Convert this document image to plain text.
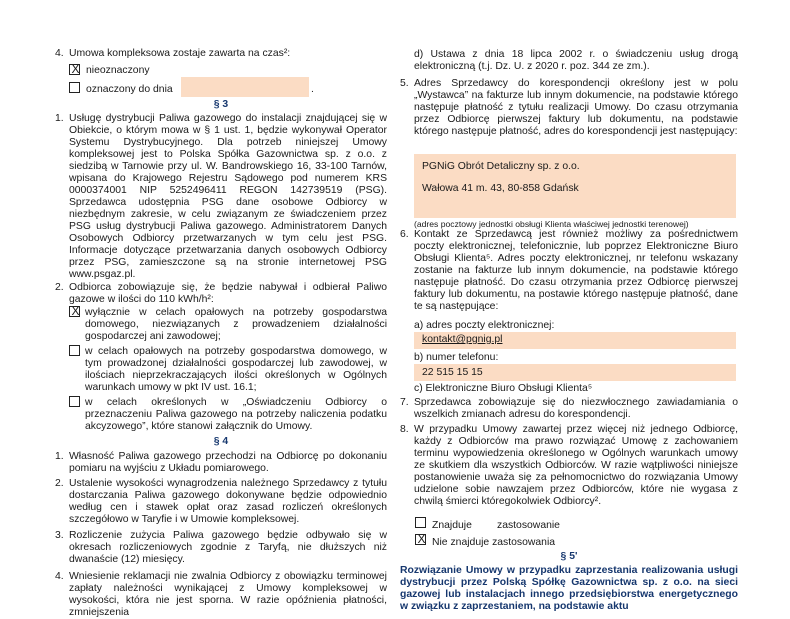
4. Umowa kompleksowa zostaje zawarta na czas²:
X nieoznaczony
oznaczony do dnia	.
§ 3
1. Usługę dystrybucji Paliwa gazowego do instalacji znajdującej się w Obiekcie, o którym mowa w § 1 ust. 1, będzie wykonywał Operator Systemu Dystrybucyjnego. Dla potrzeb niniejszej Umowy kompleksowej jest to Polska Spółka Gazownictwa sp. z o.o. z siedzibą w Tarnowie przy ul. W. Bandrowskiego 16, 33-100 Tarnów, wpisana do Krajowego Rejestru Sądowego pod numerem KRS 0000374001 NIP 5252496411 REGON 142739519 (PSG). Sprzedawca udostępnia PSG dane osobowe Odbiorcy w niezbędnym zakresie, w celu związanym ze świadczeniem przez PSG usług dystrybucji Paliwa gazowego. Administratorem Danych Osobowych Odbiorcy przetwarzanych w tym celu jest PSG. Informacje dotyczące przetwarzania danych osobowych Odbiorcy przez PSG, zamieszczone są na stronie internetowej PSG www.psgaz.pl.
2. Odbiorca zobowiązuje się, że będzie nabywał i odbierał Paliwo gazowe w ilości do 110 kWh/h²:
X wyłącznie w celach opałowych na potrzeby gospodarstwa domowego, niezwiązanych z prowadzeniem działalności gospodarczej ani zawodowej;
w celach opałowych na potrzeby gospodarstwa domowego, w tym prowadzonej działalności gospodarczej lub zawodowej, w ilościach nieprzekraczających ilości określonych w Ogólnych warunkach umowy w pkt IV ust. 16.1;
w celach określonych w „Oświadczeniu Odbiorcy o przeznaczeniu Paliwa gazowego na potrzeby naliczenia podatku akcyzowego”, które stanowi załącznik do Umowy.
§ 4
1. Własność Paliwa gazowego przechodzi na Odbiorcę po dokonaniu pomiaru na wyjściu z Układu pomiarowego.
2. Ustalenie wysokości wynagrodzenia należnego Sprzedawcy z tytułu dostarczania Paliwa gazowego dokonywane będzie odpowiednio według cen i stawek opłat oraz zasad rozliczeń określonych szczegółowo w Taryfie i w Umowie kompleksowej.
3. Rozliczenie zużycia Paliwa gazowego będzie odbywało się w okresach rozliczeniowych zgodnie z Taryfą, nie dłuższych niż dwanaście (12) miesięcy.
4. Wniesienie reklamacji nie zwalnia Odbiorcy z obowiązku terminowej zapłaty należności wynikającej z Umowy kompleksowej w wysokości, która nie jest sporna. W razie opóźnienia płatności, zmniejszenia
d) Ustawa z dnia 18 lipca 2002 r. o świadczeniu usług drogą elektroniczną (t.j. Dz. U. z 2020 r. poz. 344 ze zm.).
5. Adres Sprzedawcy do korespondencji określony jest w polu „Wystawca” na fakturze lub innym dokumencie, na podstawie którego następuje płatność z tytułu realizacji Umowy. Do czasu otrzymania przez Odbiorcę pierwszej faktury lub dokumentu, na podstawie którego następuje płatność, adres do korespondencji jest następujący:
PGNiG Obrót Detaliczny sp. z o.o.
Wałowa 41 m. 43, 80-858 Gdańsk
(adres pocztowy jednostki obsługi Klienta właściwej jednostki terenowej)
6. Kontakt ze Sprzedawcą jest również możliwy za pośrednictwem poczty elektronicznej, telefonicznie, lub poprzez Elektroniczne Biuro Obsługi Klienta⁵. Adres poczty elektronicznej, nr telefonu wskazany zostanie na fakturze lub innym dokumencie, na podstawie którego następuje płatność. Do czasu otrzymania przez Odbiorcę pierwszej faktury lub dokumentu, na postawie którego następuje płatność, dane te są następujące:
a) adres poczty elektronicznej:
kontakt@pgnig.pl
b) numer telefonu:
22 515 15 15
c) Elektroniczne Biuro Obsługi Klienta⁵
7. Sprzedawca zobowiązuje się do niezwłocznego zawiadamiania o wszelkich zmianach adresu do korespondencji.
8. W przypadku Umowy zawartej przez więcej niż jednego Odbiorcę, każdy z Odbiorców ma prawo rozwiązać Umowę z zachowaniem terminu wypowiedzenia określonego w Ogólnych warunkach umowy ze skutkiem dla wszystkich Odbiorców. W razie wątpliwości niniejsze postanowienie uważa się za pełnomocnictwo do rozwiązania Umowy udzielone sobie nawzajem przez Odbiorców, które nie wygasa z chwilą śmierci któregokolwiek Odbiorcy².
Znajduje zastosowanie
X Nie znajduje zastosowania
§ 5'
Rozwiązanie Umowy w przypadku zaprzestania realizowania usługi dystrybucji przez Polską Spółkę Gazownictwa sp. z o.o. na sieci gazowej lub instalacjach innego przedsiębiorstwa energetycznego w związku z zaprzestaniem, na podstawie aktu
